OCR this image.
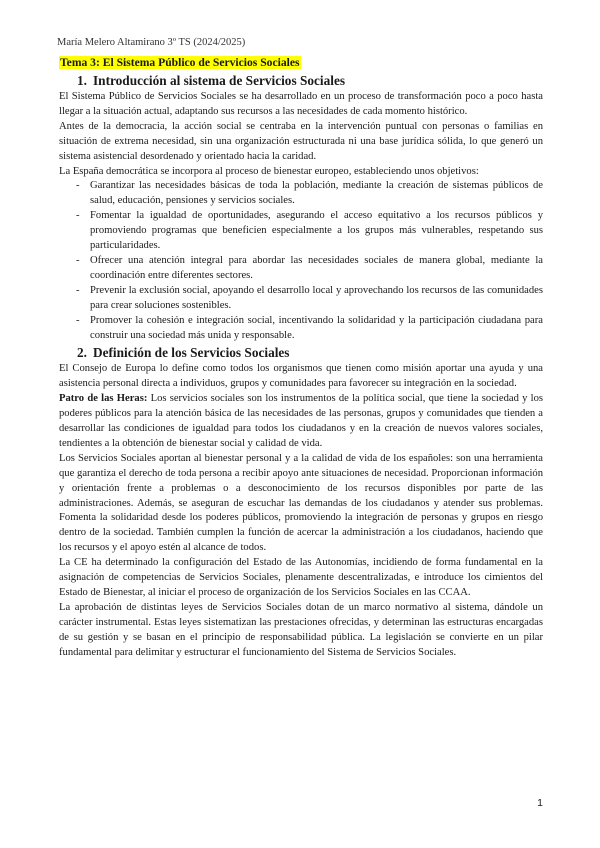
María Melero Altamirano 3º TS (2024/2025)
Tema 3: El Sistema Público de Servicios Sociales
1. Introducción al sistema de Servicios Sociales

El Sistema Público de Servicios Sociales se ha desarrollado en un proceso de transformación poco a poco hasta llegar a la situación actual, adaptando sus recursos a las necesidades de cada momento histórico.

Antes de la democracia, la acción social se centraba en la intervención puntual con personas o familias en situación de extrema necesidad, sin una organización estructurada ni una base jurídica sólida, lo que generó un sistema asistencial desordenado y orientado hacia la caridad.

La España democrática se incorpora al proceso de bienestar europeo, estableciendo unos objetivos:

- Garantizar las necesidades básicas de toda la población, mediante la creación de sistemas públicos de salud, educación, pensiones y servicios sociales.
- Fomentar la igualdad de oportunidades, asegurando el acceso equitativo a los recursos públicos y promoviendo programas que beneficien especialmente a los grupos más vulnerables, respetando sus particularidades.
- Ofrecer una atención integral para abordar las necesidades sociales de manera global, mediante la coordinación entre diferentes sectores.
- Prevenir la exclusión social, apoyando el desarrollo local y aprovechando los recursos de las comunidades para crear soluciones sostenibles.
- Promover la cohesión e integración social, incentivando la solidaridad y la participación ciudadana para construir una sociedad más unida y responsable.
2. Definición de los Servicios Sociales

El Consejo de Europa lo define como todos los organismos que tienen como misión aportar una ayuda y una asistencia personal directa a individuos, grupos y comunidades para favorecer su integración en la sociedad.

Patro de las Heras: Los servicios sociales son los instrumentos de la política social, que tiene la sociedad y los poderes públicos para la atención básica de las necesidades de las personas, grupos y comunidades que tienden a desarrollar las condiciones de igualdad para todos los ciudadanos y en la creación de nuevos valores sociales, tendientes a la obtención de bienestar social y calidad de vida.

Los Servicios Sociales aportan al bienestar personal y a la calidad de vida de los españoles: son una herramienta que garantiza el derecho de toda persona a recibir apoyo ante situaciones de necesidad. Proporcionan información y orientación frente a problemas o a desconocimiento de los recursos disponibles por parte de las administraciones. Además, se aseguran de escuchar las demandas de los ciudadanos y atender sus problemas. Fomenta la solidaridad desde los poderes públicos, promoviendo la integración de personas y grupos en riesgo dentro de la sociedad. También cumplen la función de acercar la administración a los ciudadanos, haciendo que los recursos y el apoyo estén al alcance de todos.

La CE ha determinado la configuración del Estado de las Autonomías, incidiendo de forma fundamental en la asignación de competencias de Servicios Sociales, plenamente descentralizadas, e introduce los cimientos del Estado de Bienestar, al iniciar el proceso de organización de los Servicios Sociales en las CCAA.

La aprobación de distintas leyes de Servicios Sociales dotan de un marco normativo al sistema, dándole un carácter instrumental. Estas leyes sistematizan las prestaciones ofrecidas, y determinan las estructuras encargadas de su gestión y se basan en el principio de responsabilidad pública. La legislación se convierte en un pilar fundamental para delimitar y estructurar el funcionamiento del Sistema de Servicios Sociales.

1
